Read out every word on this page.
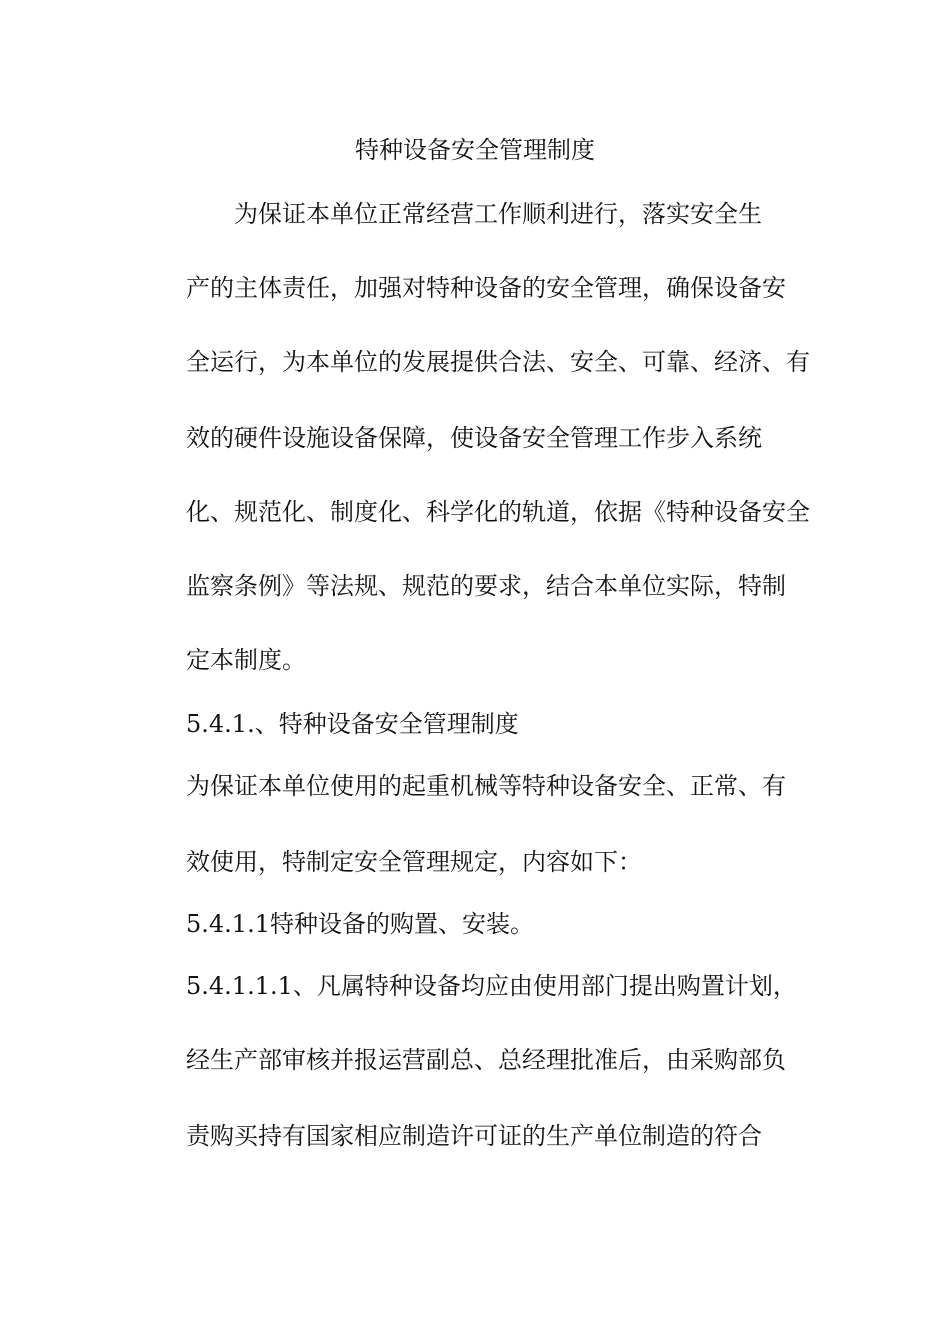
特种设备安全管理制度
为保证本单位正常经营工作顺利进行，落实安全生
产的主体责任，加强对特种设备的安全管理，确保设备安
全运行，为本单位的发展提供合法、安全、可靠、经济、有
效的硬件设施设备保障，使设备安全管理工作步入系统
化、规范化、制度化、科学化的轨道，依据《特种设备安全
监察条例》等法规、规范的要求，结合本单位实际，特制
定本制度。
5.4.1.、特种设备安全管理制度
为保证本单位使用的起重机械等特种设备安全、正常、有
效使用，特制定安全管理规定，内容如下：
5.4.1.1特种设备的购置、安装。
5.4.1.1.1、凡属特种设备均应由使用部门提出购置计划，
经生产部审核并报运营副总、总经理批准后，由采购部负
责购买持有国家相应制造许可证的生产单位制造的符合
